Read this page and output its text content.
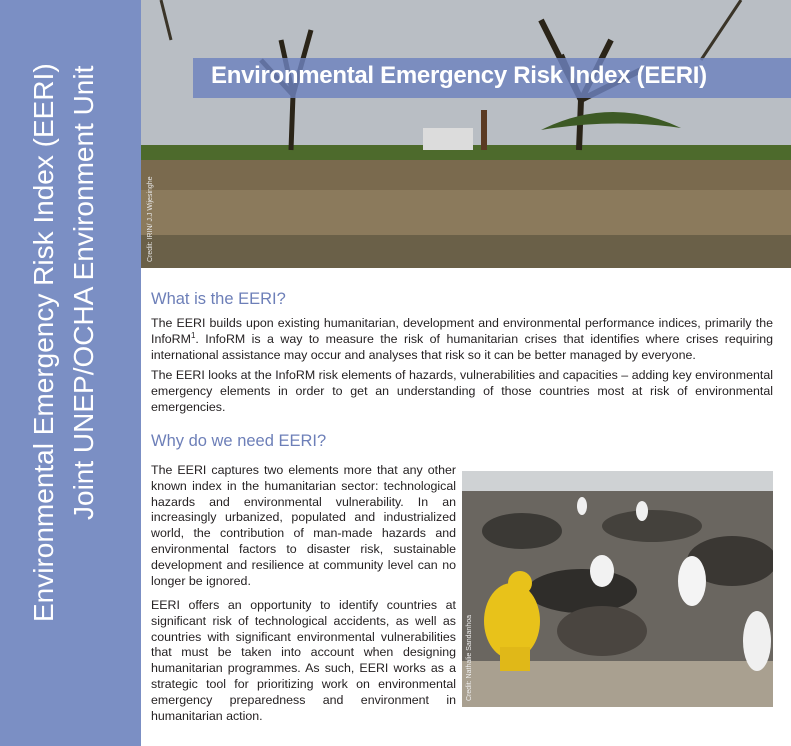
Environmental Emergency Risk Index (EERI) Joint UNEP/OCHA Environment Unit	Environmental Emergency Risk Index (EERI)
Credit: IRIN/ J.J Wijesinghe
What is the EERI?
The EERI builds upon existing humanitarian, development and environmental performance indices, primarily the InfoRM$^1$. InfoRM is a way to measure the risk of humanitarian crises that identifies where crises requiring international assistance may occur and analyses that risk so it can be better managed by everyone.
The EERI looks at the InfoRM risk elements of hazards, vulnerabilities and capacities – adding key environmental emergency elements in order to get an understanding of those countries most at risk of environmental emergencies.
Why do we need EERI?
The EERI captures two elements more that any other known index in the humanitarian sector: technological hazards and environmental vulnerability. In an increasingly urbanized, populated and industrialized world, the contribution of man-made hazards and environmental factors to disaster risk, sustainable development and resilience at community level can no longer be ignored.
EERI offers an opportunity to identify countries at significant risk of technological accidents, as well as countries with significant environmental vulnerabilities that must be taken into account when designing humanitarian programmes. As such, EERI works as a strategic tool for prioritizing work on environmental emergency preparedness and environment in humanitarian action.
Credit: Nathalie Sandanhoa
